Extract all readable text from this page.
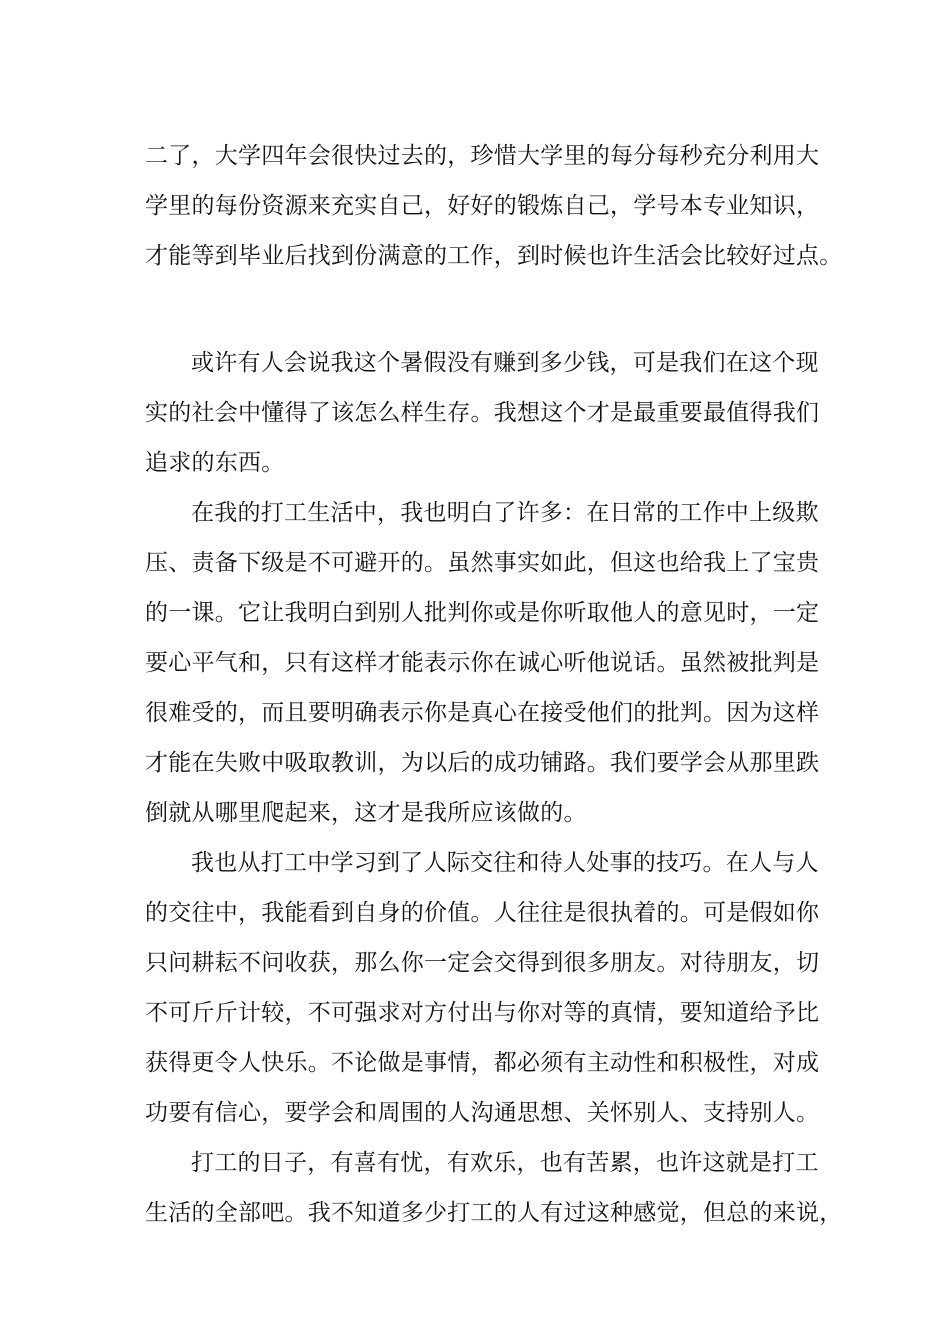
二了，大学四年会很快过去的，珍惜大学里的每分每秒充分利用大
学里的每份资源来充实自己，好好的锻炼自己，学号本专业知识，
才能等到毕业后找到份满意的工作，到时候也许生活会比较好过点。
或许有人会说我这个暑假没有赚到多少钱，可是我们在这个现
实的社会中懂得了该怎么样生存。我想这个才是最重要最值得我们
追求的东西。
在我的打工生活中，我也明白了许多：在日常的工作中上级欺
压、责备下级是不可避开的。虽然事实如此，但这也给我上了宝贵
的一课。它让我明白到别人批判你或是你听取他人的意见时，一定
要心平气和，只有这样才能表示你在诚心听他说话。虽然被批判是
很难受的，而且要明确表示你是真心在接受他们的批判。因为这样
才能在失败中吸取教训，为以后的成功铺路。我们要学会从那里跌
倒就从哪里爬起来，这才是我所应该做的。
我也从打工中学习到了人际交往和待人处事的技巧。在人与人
的交往中，我能看到自身的价值。人往往是很执着的。可是假如你
只问耕耘不问收获，那么你一定会交得到很多朋友。对待朋友，切
不可斤斤计较，不可强求对方付出与你对等的真情，要知道给予比
获得更令人快乐。不论做是事情，都必须有主动性和积极性，对成
功要有信心，要学会和周围的人沟通思想、关怀别人、支持别人。
打工的日子，有喜有忧，有欢乐，也有苦累，也许这就是打工
生活的全部吧。我不知道多少打工的人有过这种感觉，但总的来说，
